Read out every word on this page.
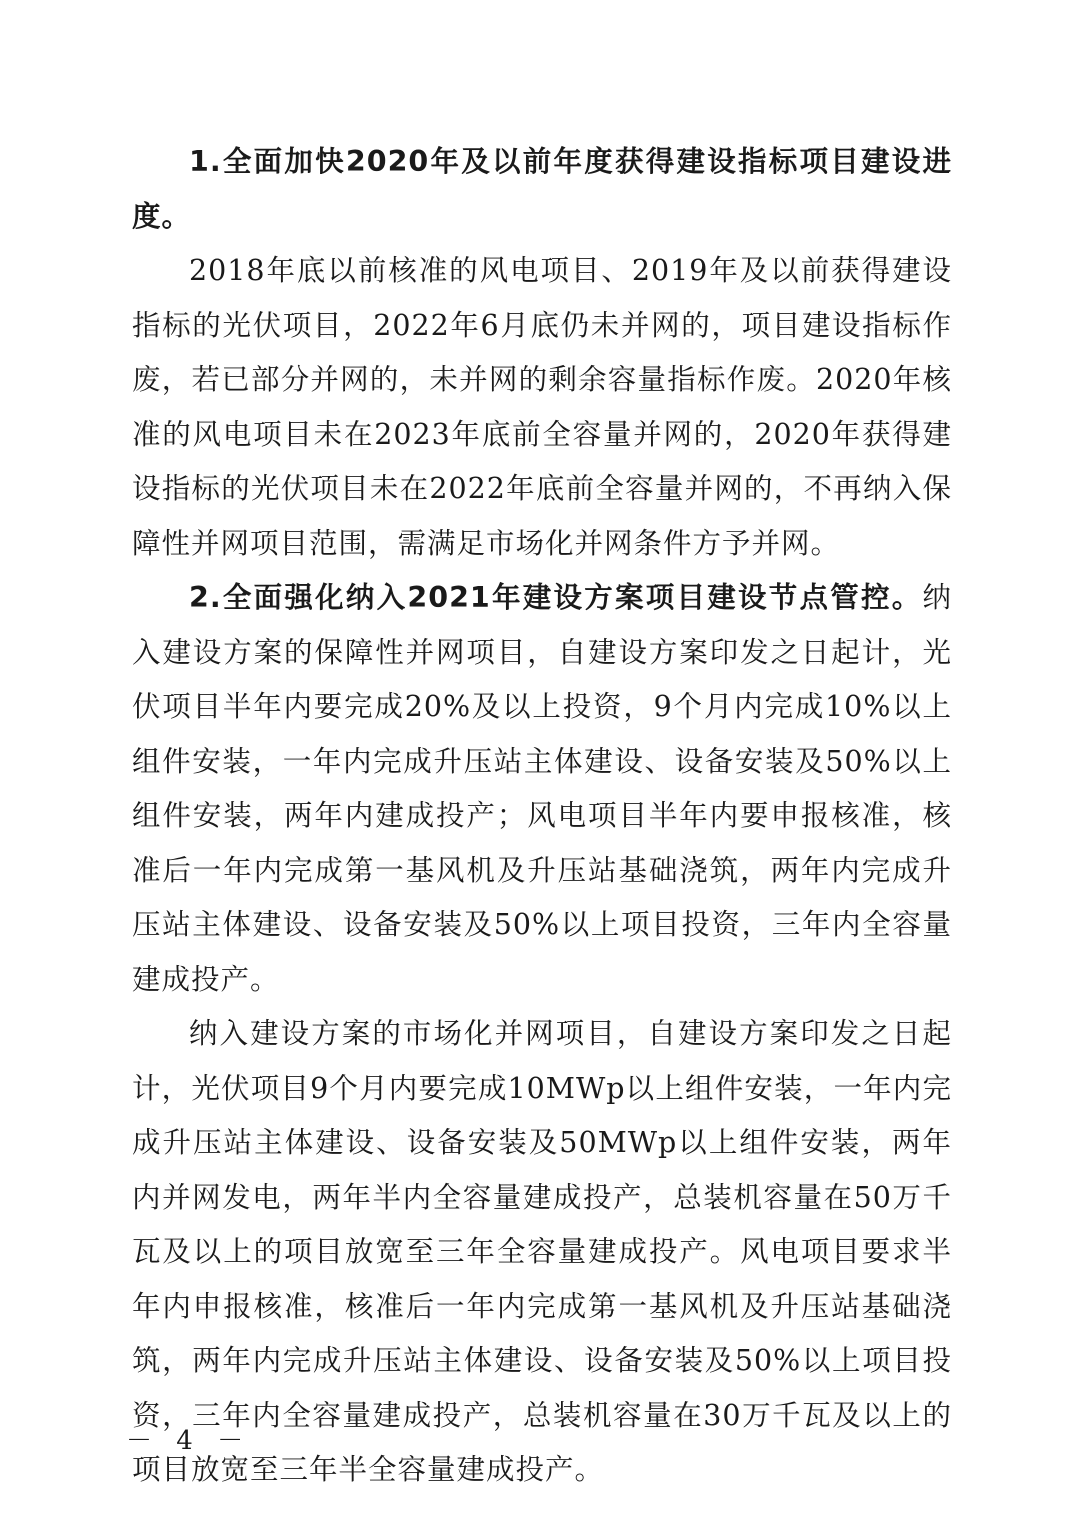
1.全面加快2020年及以前年度获得建设指标项目建设进度。

2018年底以前核准的风电项目、2019年及以前获得建设指标的光伏项目，2022年6月底仍未并网的，项目建设指标作废，若已部分并网的，未并网的剩余容量指标作废。2020年核准的风电项目未在2023年底前全容量并网的，2020年获得建设指标的光伏项目未在2022年底前全容量并网的，不再纳入保障性并网项目范围，需满足市场化并网条件方予并网。

2.全面强化纳入2021年建设方案项目建设节点管控。纳入建设方案的保障性并网项目，自建设方案印发之日起计，光伏项目半年内要完成20%及以上投资，9个月内完成10%以上组件安装，一年内完成升压站主体建设、设备安装及50%以上组件安装，两年内建成投产；风电项目半年内要申报核准，核准后一年内完成第一基风机及升压站基础浇筑，两年内完成升压站主体建设、设备安装及50%以上项目投资，三年内全容量建成投产。

纳入建设方案的市场化并网项目，自建设方案印发之日起计，光伏项目9个月内要完成10MWp以上组件安装，一年内完成升压站主体建设、设备安装及50MWp以上组件安装，两年内并网发电，两年半内全容量建成投产，总装机容量在50万千瓦及以上的项目放宽至三年全容量建成投产。风电项目要求半年内申报核准，核准后一年内完成第一基风机及升压站基础浇筑，两年内完成升压站主体建设、设备安装及50%以上项目投资，三年内全容量建成投产，总装机容量在30万千瓦及以上的项目放宽至三年半全容量建成投产。

－ 4 －
